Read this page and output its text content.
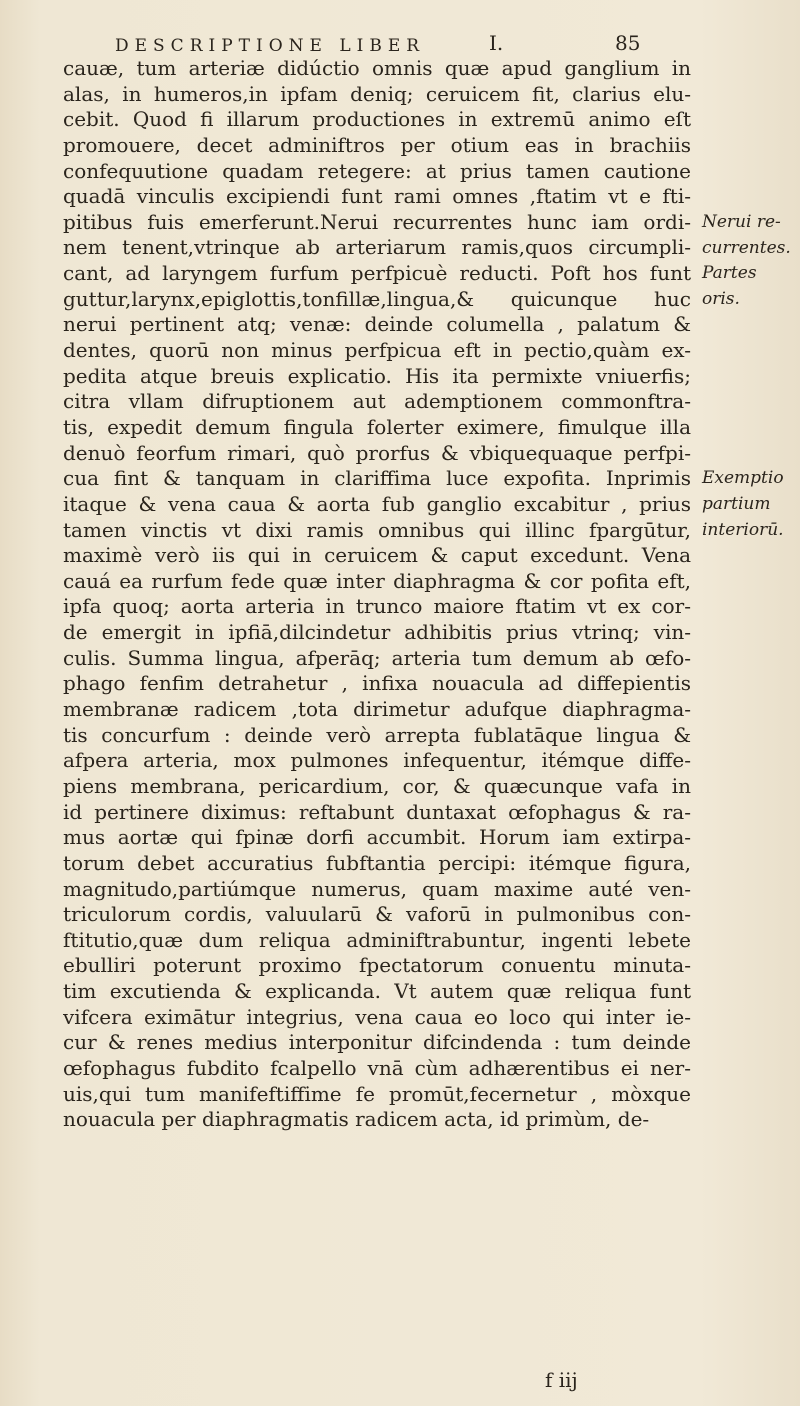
DESCRIPTIONE LIBER	I.	85
cauæ, tum arteriæ didúctio omnis quæ apud ganglium in
alas, in humeros,in ipfam deniq; ceruicem fit, clarius elu-
cebit. Quod fi illarum productiones in extremū animo eſt
promouere, decet adminiftros per otium eas in brachiis
confequutione quadam retegere: at prius tamen cautione
quadā vinculis excipiendi funt rami omnes ,ftatim vt e fti-
pitibus fuis emerferunt.Nerui recurrentes hunc iam ordi-
nem tenent,vtrinque ab arteriarum ramis,quos circumpli-
cant, ad laryngem furfum perfpicuè reducti. Poft hos funt
guttur,larynx,epiglottis,tonfillæ,lingua,& quicunque huc
nerui pertinent atq; venæ: deinde columella , palatum &
dentes, quorū non minus perfpicua eft in pectio,quàm ex-
pedita atque breuis explicatio. His ita permixte vniuerfis;
citra vllam difruptionem aut ademptionem commonftra-
tis, expedit demum fingula folerter eximere, fimulque illa
denuò feorfum rimari, quò prorfus & vbiquequaque perfpi-
cua fint & tanquam in clariffima luce expofita. Inprimis
itaque & vena caua & aorta fub ganglio excabitur , prius
tamen vinctis vt dixi ramis omnibus qui illinc fpargūtur,
maximè verò iis qui in ceruicem & caput excedunt. Vena
cauá ea rurfum fede quæ inter diaphragma & cor pofita eft,
ipfa quoq; aorta arteria in trunco maiore ftatim vt ex cor-
de emergit in ipfiā,dilcindetur adhibitis prius vtrinq; vin-
culis. Summa lingua, afperāq; arteria tum demum ab œfo-
phago fenfim detrahetur , infixa nouacula ad diffepientis
membranæ radicem ,tota dirimetur adufque diaphragma-
tis concurfum : deinde verò arrepta fublatāque lingua &
afpera arteria, mox pulmones infequentur, itémque diffe-
piens membrana, pericardium, cor, & quæcunque vafa in
id pertinere diximus: reftabunt duntaxat œfophagus & ra-
mus aortæ qui fpinæ dorfi accumbit. Horum iam extirpa-
torum debet accuratius fubftantia percipi: itémque figura,
magnitudo,partiúmque numerus, quam maxime auté ven-
triculorum cordis, valuularū & vaforū in pulmonibus con-
ftitutio,quæ dum reliqua adminiftrabuntur, ingenti lebete
ebulliri poterunt proximo fpectatorum conuentu minuta-
tim excutienda & explicanda. Vt autem quæ reliqua funt
vifcera eximātur integrius, vena caua eo loco qui inter ie-
cur & renes medius interponitur difcindenda : tum deinde
œfophagus fubdito fcalpello vnā cùm adhærentibus ei ner-
uis,qui tum manifeftiffime fe promūt,fecernetur , mòxque
nouacula per diaphragmatis radicem acta, id primùm, de-
Nerui re-
currentes.
Partes
oris.
Exemptio
partium
interiorū.
f iij
